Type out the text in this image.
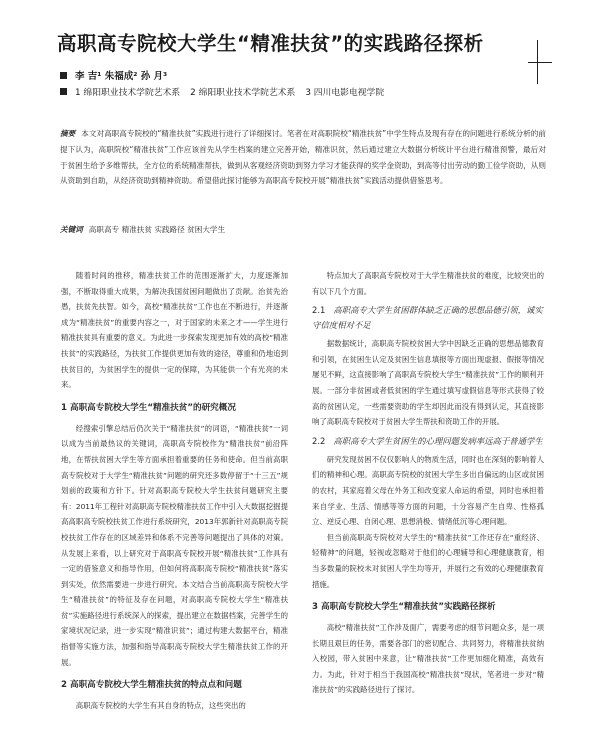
高职高专院校大学生“精准扶贫”的实践路径探析
李 吉¹ 朱福成² 孙 月³
1 绵阳职业技术学院艺术系 2 绵阳职业技术学院艺术系 3 四川电影电视学院
摘要 本文对高职高专院校的“精准扶贫”实践进行进行了详细探讨。笔者在对高职院校“精准扶贫”中学生特点及现有存在的问题进行系统分析的前提下认为，高职院校“精准扶贫”工作应该首先从学生档案的建立完善开始，精准识贫，然后通过建立大数据分析统计平台进行精准预警，最后对于贫困生给予多维帮扶，全方位的系统精准帮扶，做到从客观经济资助到努力学习才能获得的奖学金资助，到高等付出劳动的勤工俭学资助，从则从资助到自助，从经济资助到精神资助。希望借此探讨能够为高职高专院校开展“精准扶贫”实践活动提供借鉴思考。
关键词 高职高专 精准扶贫 实践路径 贫困大学生

随着时间的推移，精准扶贫工作的范围逐渐扩大，力度逐渐加强，不断取得重大成果，为解决我国贫困问题做出了贡献。治贫先治愚，扶贫先扶智。如今，高校“精准扶贫”工作也在不断进行，并逐渐成为“精准扶贫”的重要内容之一，对于国家的未来之才——学生进行精准扶贫具有重要的意义。为此进一步探索发现更加有效的高校“精准扶贫”的实践路径，为扶贫工作提供更加有效的途径，尊重和仍地追到扶贫目的，为贫困学生的提供一定的保障，为其能供一个有光亮的未来。

1 高职高专院校大学生“精准扶贫”的研究概况

经搜索引擎总结后仍次关于“精准扶贫”的词语，“精准扶贫”一词以成为当前最热议的关键词，高职高专院校作为“精准扶贫”前沿阵地，在帮扶贫困大学生等方面承担着重要的任务和使命。但当前高职高专院校对于大学生“精准扶贫”问题的研究还多数停留于“十三五”规划前的政策和方针下。针对高职高专院校大学生扶贫问题研究主要有：2011年工程针对高职高专院校精准扶贫工作中引入大数据挖掘提高高职高专院校扶贫工作进行系统研究，2013年郭新针对高职高专院校扶贫工作存在的区域差异和体系不完善等问题提出了具体的对策。从发展上来看，以上研究对于高职高专院校开展“精准扶贫”工作具有一定的借鉴意义和指导作用，但如何将高职高专院校“精准扶贫”落实到实处，依然需要进一步进行研究。本文结合当前高职高专院校大学生“精准扶贫”的特征及存在问题，对高职高专院校大学生“精准扶贫”实施路径进行系统深入的探索，提出建立在数据档案，完善学生的家境状况记录，进一步实现“精准识贫”；通过构建大数据平台，精准指督等实施方法，加强和指导高职高专院校大学生精准扶贫工作的开展。

2 高职高专院校大学生精准扶贫的特点点和问题

高职高专院校的大学生有其自身的特点，这些突出的

特点加大了高职高专院校对于大学生精准扶贫的难度，比较突出的有以下几个方面。

2.1 高职高专大学生贫困群体缺乏正确的思想品德引领，诚实守信度相对不足

据数据统计，高职高专院校贫困大学中因缺乏正确的思想品德教育和引领，在贫困生认定及贫困生信息填报等方面出现虚报、假报等情况屡见不鲜，这直接影响了高职高专院校大学生“精准扶贫”工作的顺利开展。一部分非贫困或者低贫困的学生通过填写虚假信息等形式获得了较高的贫困认定，一些需要资助的学生却因此而没有得到认定，其直接影响了高职高专院校对于贫困大学生帮扶和资助工作的开展。

2.2 高职高专大学生贫困生的心理问题发病率远高于普通学生

研究发现贫困不仅仅影响人的物质生活，同时也在深刻的影响着人们的精神和心理。高职高专院校的贫困大学生多出自偏远的山区或贫困的农村，其家庭着父母在外务工和改变家人命运的希望，同时也承担着来自学业、生活、情感等等方面的问题，十分容易产生自卑、性格孤立、逆反心理、自闭心理、思想消极、情绪低沉等心理问题。

但当前高职高专院校对大学生的“精准扶贫”工作还存在“重经济、轻精神”的问题，轻视或忽略对于他们的心理辅导和心理健康教育，相当多数量的院校未对贫困人学生均等开，并展行之有效的心理健康教育措施。

3 高职高专院校大学生“精准扶贫”实践路径探析

高校“精准扶贫”工作涉及面广，需要考虑的细节问题众多，是一项长期且艰巨的任务，需要各部门的密切配合、共同努力，将精准扶贫纳入校园，带入贫困中来意，让“精准扶贫”工作更加细化精准，高效有力。为此，针对于相当于我国高校“精准扶贫”现状，笔者进一步对“精准扶贫”的实践路径进行了探讨。
